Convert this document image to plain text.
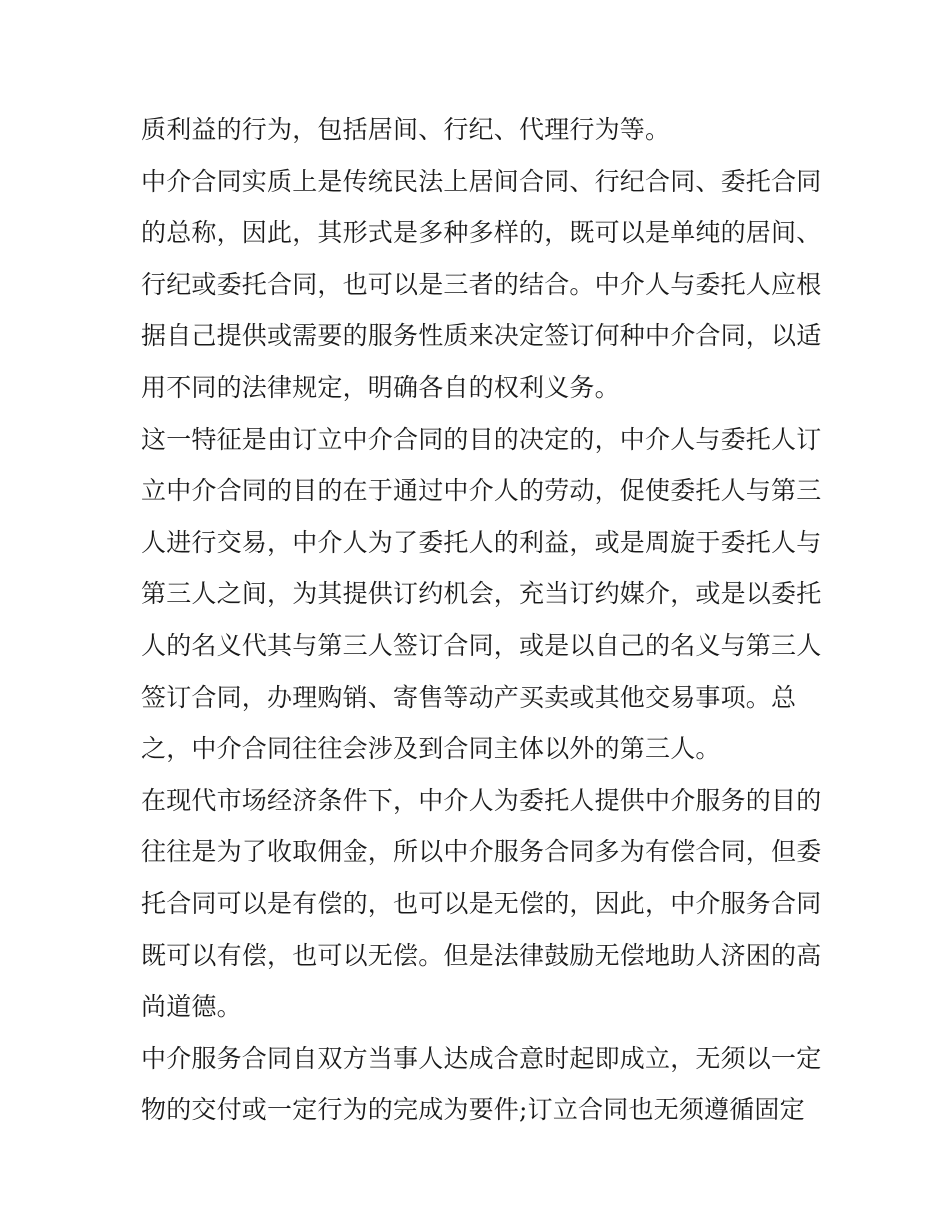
质利益的行为，包括居间、行纪、代理行为等。
中介合同实质上是传统民法上居间合同、行纪合同、委托合同
的总称，因此，其形式是多种多样的，既可以是单纯的居间、
行纪或委托合同，也可以是三者的结合。中介人与委托人应根
据自己提供或需要的服务性质来决定签订何种中介合同，以适
用不同的法律规定，明确各自的权利义务。
这一特征是由订立中介合同的目的决定的，中介人与委托人订
立中介合同的目的在于通过中介人的劳动，促使委托人与第三
人进行交易，中介人为了委托人的利益，或是周旋于委托人与
第三人之间，为其提供订约机会，充当订约媒介，或是以委托
人的名义代其与第三人签订合同，或是以自己的名义与第三人
签订合同，办理购销、寄售等动产买卖或其他交易事项。总
之，中介合同往往会涉及到合同主体以外的第三人。
在现代市场经济条件下，中介人为委托人提供中介服务的目的
往往是为了收取佣金，所以中介服务合同多为有偿合同，但委
托合同可以是有偿的，也可以是无偿的，因此，中介服务合同
既可以有偿，也可以无偿。但是法律鼓励无偿地助人济困的高
尚道德。
中介服务合同自双方当事人达成合意时起即成立，无须以一定
物的交付或一定行为的完成为要件;订立合同也无须遵循固定
